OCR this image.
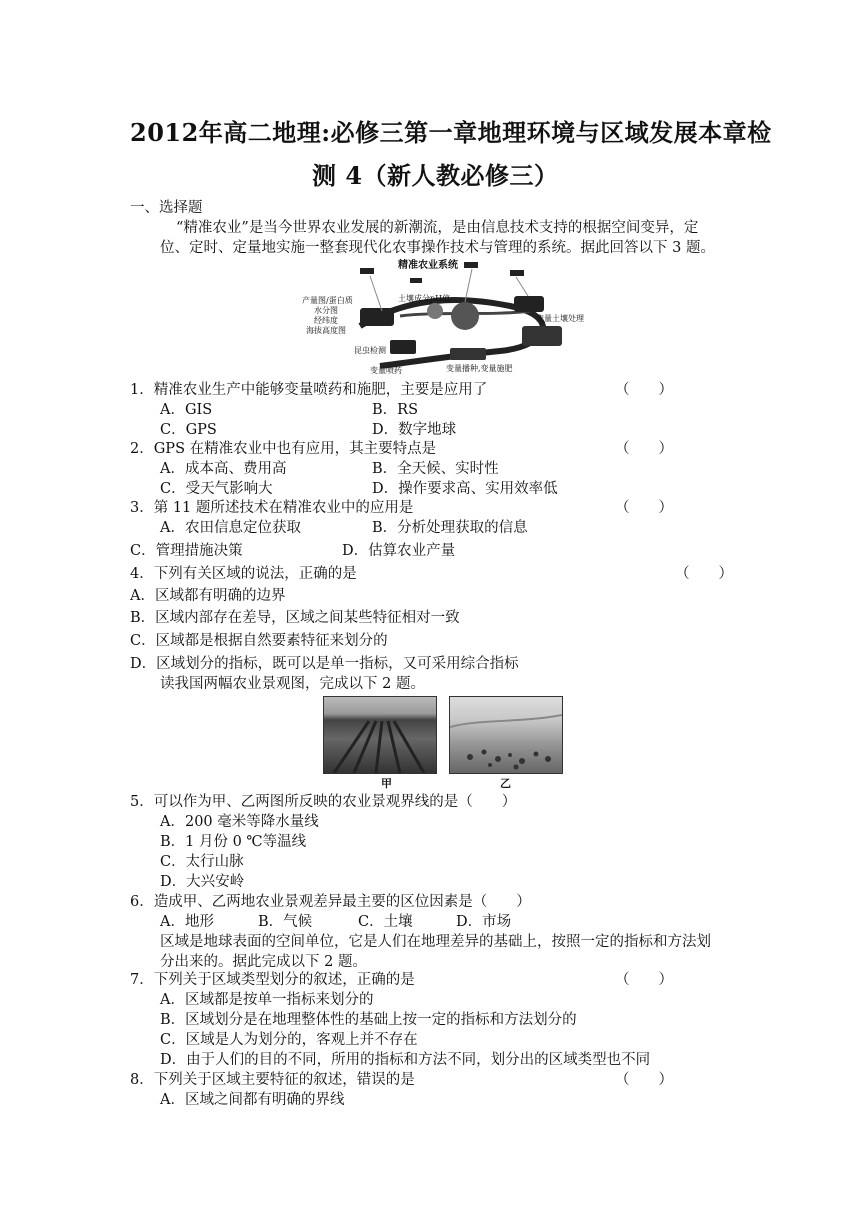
2012年高二地理:必修三第一章地理环境与区域发展本章检
测 4（新人教必修三）
一、选择题
“精准农业”是当今世界农业发展的新潮流，是由信息技术支持的根据空间变异，定
位、定时、定量地实施一整套现代化农事操作技术与管理的系统。据此回答以下 3 题。
精准农业系统
产量图/蛋白质
水分图
经纬度
海拔高度图
土壤成分pH值
变量土壤处理
昆虫检测
变量喷药	变量播种,变量施肥
1．精准农业生产中能够变量喷药和施肥，主要是应用了	（　　）
A．GIS	B．RS
C．GPS	D．数字地球
2．GPS 在精准农业中也有应用，其主要特点是	（　　）
A．成本高、费用高	B．全天候、实时性
C．受天气影响大	D．操作要求高、实用效率低
3．第 11 题所述技术在精准农业中的应用是	（　　）
A．农田信息定位获取	B．分析处理获取的信息
C．管理措施决策	D．估算农业产量
4．下列有关区域的说法，正确的是	（　　）
A．区域都有明确的边界
B．区域内部存在差导，区域之间某些特征相对一致
C．区域都是根据自然要素特征来划分的
D．区域划分的指标，既可以是单一指标，又可采用综合指标
读我国两幅农业景观图，完成以下 2 题。
甲	乙
5．可以作为甲、乙两图所反映的农业景观界线的是（　　）
A．200 毫米等降水量线
B．1 月份 0 ℃等温线
C．太行山脉
D．大兴安岭
6．造成甲、乙两地农业景观差异最主要的区位因素是（　　）
A．地形	B．气候	C．土壤	D．市场
区域是地球表面的空间单位，它是人们在地理差异的基础上，按照一定的指标和方法划
分出来的。据此完成以下 2 题。
7．下列关于区域类型划分的叙述，正确的是	（　　）
A．区域都是按单一指标来划分的
B．区域划分是在地理整体性的基础上按一定的指标和方法划分的
C．区域是人为划分的，客观上并不存在
D．由于人们的目的不同，所用的指标和方法不同，划分出的区域类型也不同
8．下列关于区域主要特征的叙述，错误的是	（　　）
A．区域之间都有明确的界线
